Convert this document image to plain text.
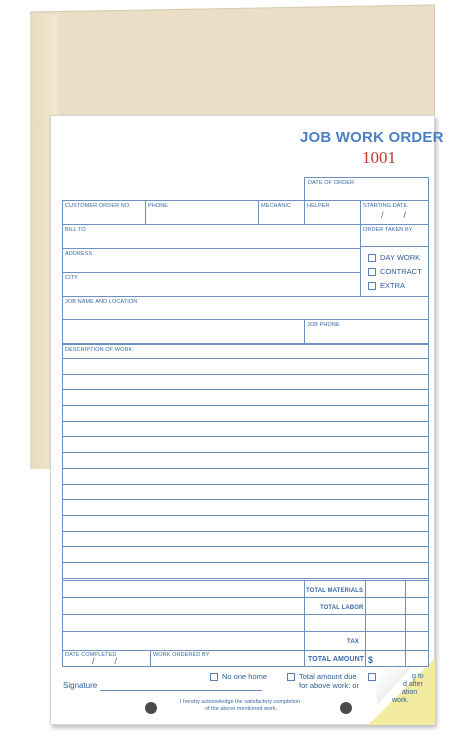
JOB WORK ORDER
1001
DATE OF ORDER
CUSTOMER ORDER NO.	PHONE	MECHANIC	HELPER	STARTING DATE
/        /
BILL TO	ORDER TAKEN BY
ADDRESS
CITY
DAY WORK
CONTRACT
EXTRA
JOB NAME AND LOCATION
JOB PHONE
DESCRIPTION OF WORK:
TOTAL MATERIALS
TOTAL LABOR
TAX
TOTAL AMOUNT $
DATE COMPLETED
/        /
WORK ORDERED BY
No one home	Total amount due
for above work: or
Signature
I hereby acknowledge the satisfactory completion
of the above mentioned work.
g to
d after
ation
work.
